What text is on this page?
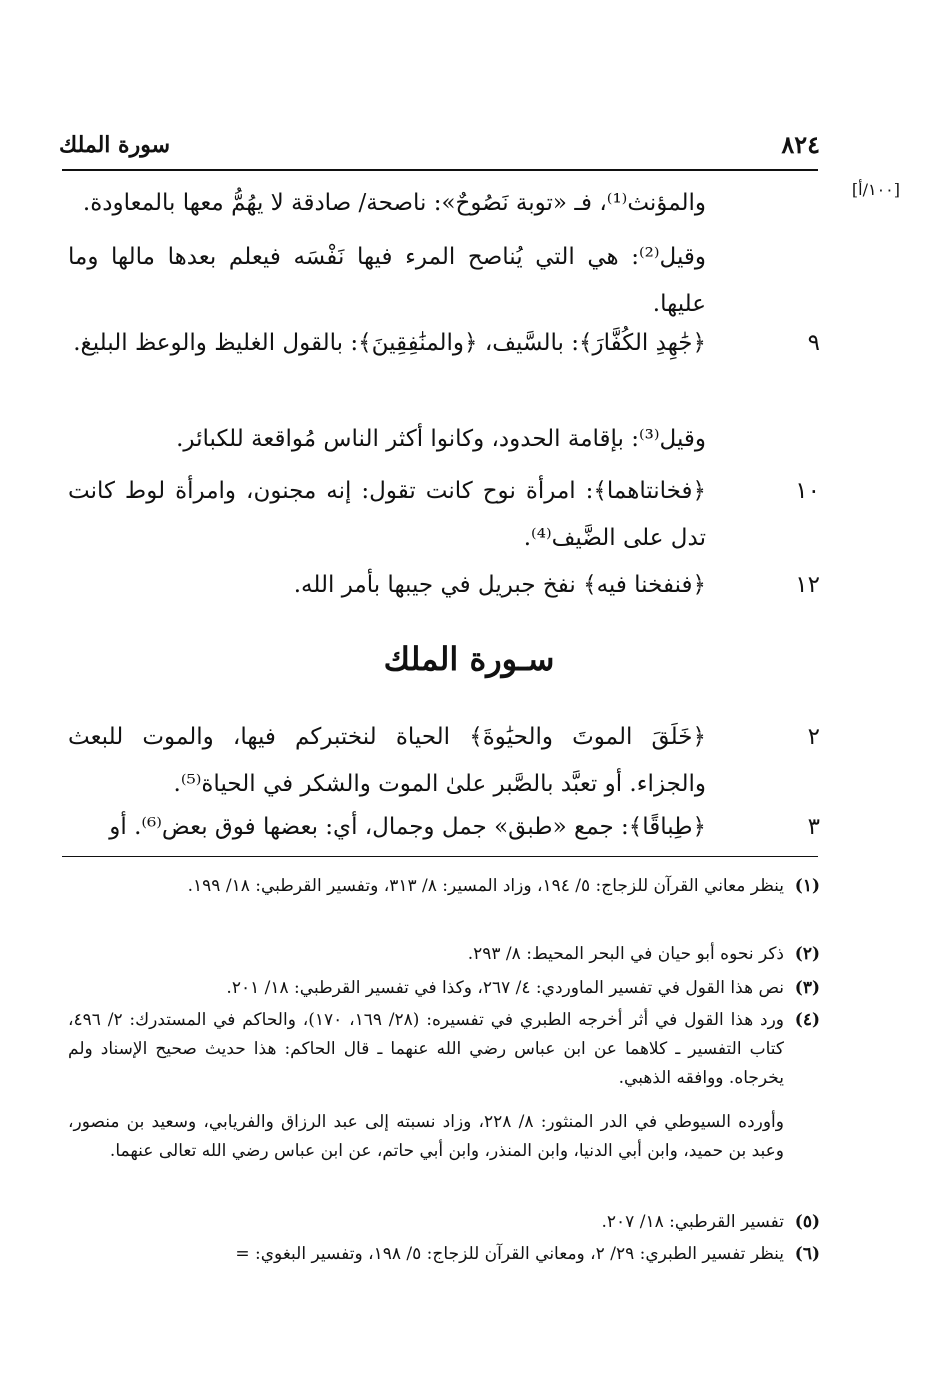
سورة الملك	٨٢٤
[١٠٠/أ]
والمؤنث⁽¹⁾، فـ «توبة نَصُوحٌ»: ناصحة/ صادقة لا يهُمُّ معها بالمعاودة.
وقيل⁽²⁾: هي التي يُناصح المرء فيها نَفْسَه فيعلم بعدها مالها وما عليها.
٩
﴿جَٰهِدِ الكُفَّارَ﴾: بالسَّيف، ﴿والمنَٰفِقِينَ﴾: بالقول الغليظ والوعظ البليغ.
وقيل⁽³⁾: بإقامة الحدود، وكانوا أكثر الناس مُواقعة للكبائر.
١٠
﴿فخانتاهما﴾: امرأة نوح كانت تقول: إنه مجنون، وامرأة لوط كانت تدل على الضَّيف⁽⁴⁾.
١٢
﴿فنفخنا فيه﴾ نفخ جبريل في جيبها بأمر الله.
سـورة الملك
٢
﴿خَلَقَ الموتَ والحيَٰوةَ﴾ الحياة لنختبركم فيها، والموت للبعث والجزاء. أو تعبَّد بالصَّبر علىٰ الموت والشكر في الحياة⁽⁵⁾.
٣
﴿طِباقًا﴾: جمع «طبق» جمل وجمال، أي: بعضها فوق بعض⁽⁶⁾. أو
(١)
ينظر معاني القرآن للزجاج: ٥/ ١٩٤، وزاد المسير: ٨/ ٣١٣، وتفسير القرطبي: ١٨/ ١٩٩.
(٢)
ذكر نحوه أبو حيان في البحر المحيط: ٨/ ٢٩٣.
(٣)
نص هذا القول في تفسير الماوردي: ٤/ ٢٦٧، وكذا في تفسير القرطبي: ١٨/ ٢٠١.
(٤)
ورد هذا القول في أثر أخرجه الطبري في تفسيره: (٢٨/ ١٦٩، ١٧٠)، والحاكم في المستدرك: ٢/ ٤٩٦، كتاب التفسير ـ كلاهما عن ابن عباس رضي الله عنهما ـ قال الحاكم: هذا حديث صحيح الإسناد ولم يخرجاه. ووافقه الذهبي.
وأورده السيوطي في الدر المنثور: ٨/ ٢٢٨، وزاد نسبته إلى عبد الرزاق والفريابي، وسعيد بن منصور، وعبد بن حميد، وابن أبي الدنيا، وابن المنذر، وابن أبي حاتم، عن ابن عباس رضي الله تعالى عنهما.
(٥)
تفسير القرطبي: ١٨/ ٢٠٧.
(٦)
ينظر تفسير الطبري: ٢٩/ ٢، ومعاني القرآن للزجاج: ٥/ ١٩٨، وتفسير البغوي: =
